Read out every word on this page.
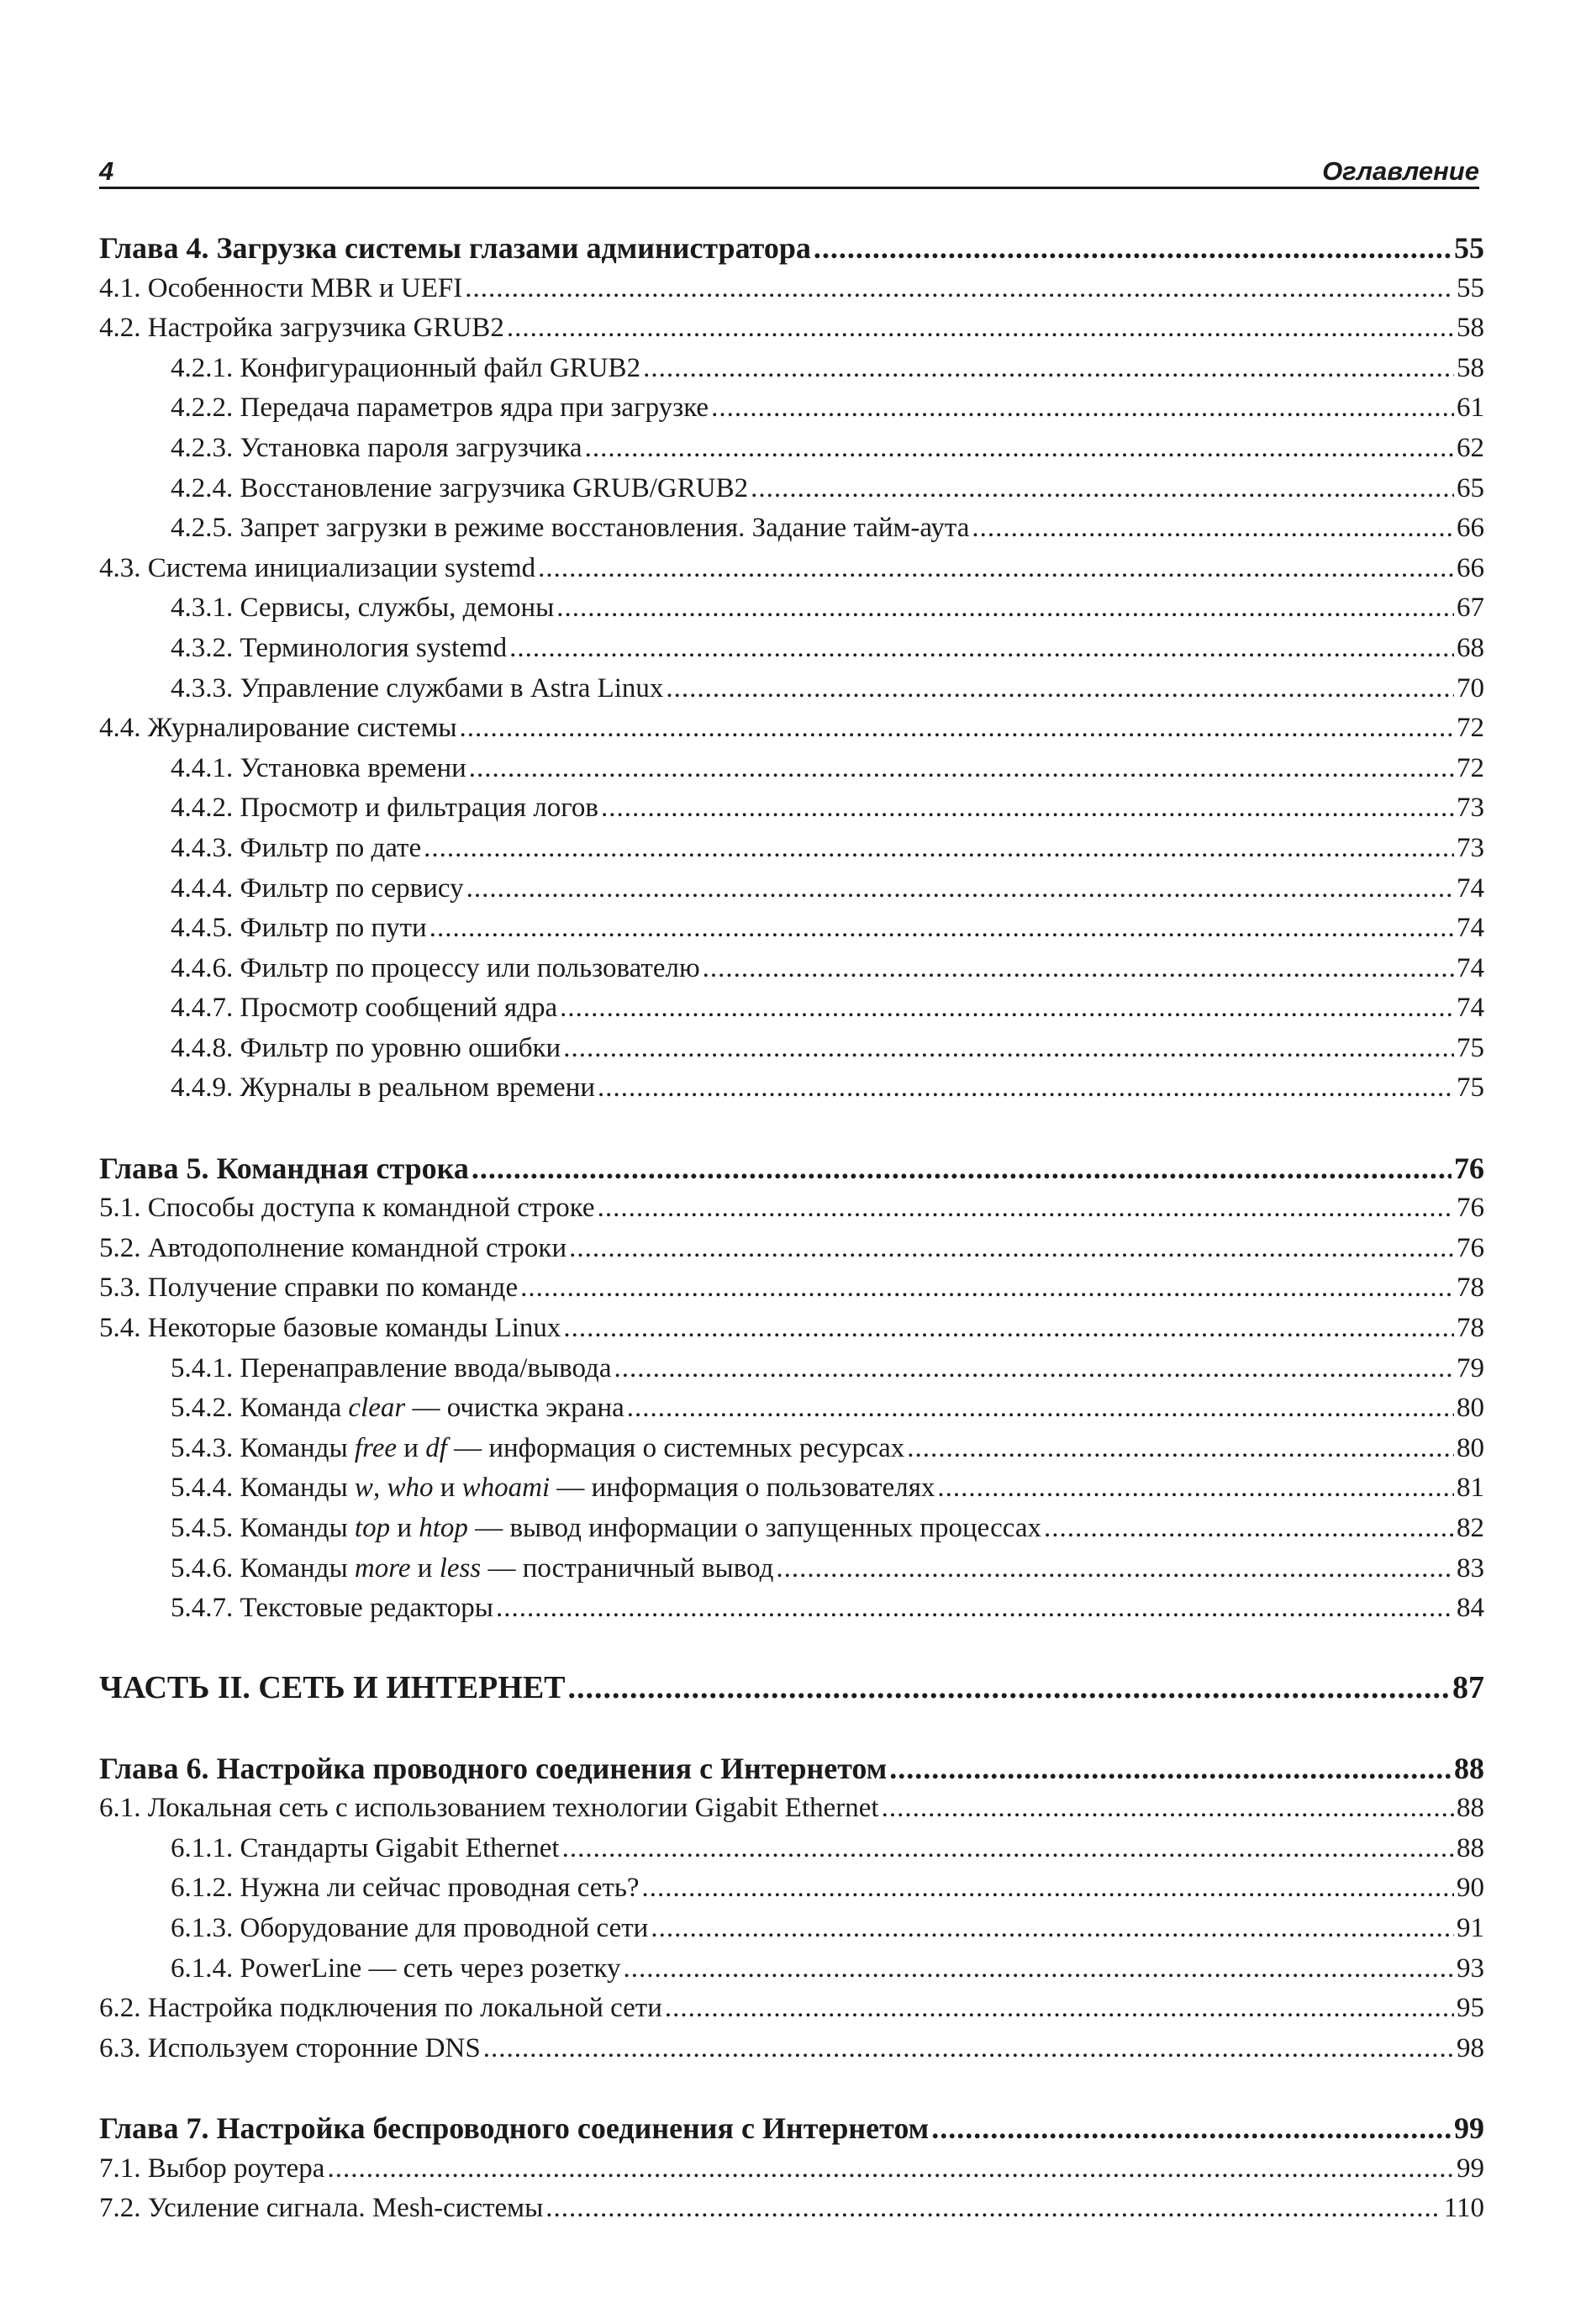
4	Оглавление
Глава 4. Загрузка системы глазами администратора .....	55
4.1. Особенности MBR и UEFI .....	55
4.2. Настройка загрузчика GRUB2 .....	58
4.2.1. Конфигурационный файл GRUB2 .....	58
4.2.2. Передача параметров ядра при загрузке .....	61
4.2.3. Установка пароля загрузчика .....	62
4.2.4. Восстановление загрузчика GRUB/GRUB2 .....	65
4.2.5. Запрет загрузки в режиме восстановления. Задание тайм-аута .....	66
4.3. Система инициализации systemd .....	66
4.3.1. Сервисы, службы, демоны .....	67
4.3.2. Терминология systemd .....	68
4.3.3. Управление службами в Astra Linux .....	70
4.4. Журналирование системы .....	72
4.4.1. Установка времени .....	72
4.4.2. Просмотр и фильтрация логов .....	73
4.4.3. Фильтр по дате .....	73
4.4.4. Фильтр по сервису .....	74
4.4.5. Фильтр по пути .....	74
4.4.6. Фильтр по процессу или пользователю .....	74
4.4.7. Просмотр сообщений ядра .....	74
4.4.8. Фильтр по уровню ошибки .....	75
4.4.9. Журналы в реальном времени .....	75
Глава 5. Командная строка .....	76
5.1. Способы доступа к командной строке .....	76
5.2. Автодополнение командной строки .....	76
5.3. Получение справки по команде .....	78
5.4. Некоторые базовые команды Linux .....	78
5.4.1. Перенаправление ввода/вывода .....	79
5.4.2. Команда clear — очистка экрана .....	80
5.4.3. Команды free и df — информация о системных ресурсах .....	80
5.4.4. Команды w, who и whoami — информация о пользователях .....	81
5.4.5. Команды top и htop — вывод информации о запущенных процессах .....	82
5.4.6. Команды more и less — постраничный вывод .....	83
5.4.7. Текстовые редакторы .....	84
ЧАСТЬ II. СЕТЬ И ИНТЕРНЕТ .....	87
Глава 6. Настройка проводного соединения с Интернетом .....	88
6.1. Локальная сеть с использованием технологии Gigabit Ethernet .....	88
6.1.1. Стандарты Gigabit Ethernet .....	88
6.1.2. Нужна ли сейчас проводная сеть? .....	90
6.1.3. Оборудование для проводной сети .....	91
6.1.4. PowerLine — сеть через розетку .....	93
6.2. Настройка подключения по локальной сети .....	95
6.3. Используем сторонние DNS .....	98
Глава 7. Настройка беспроводного соединения с Интернетом .....	99
7.1. Выбор роутера .....	99
7.2. Усиление сигнала. Mesh-системы .....	110
